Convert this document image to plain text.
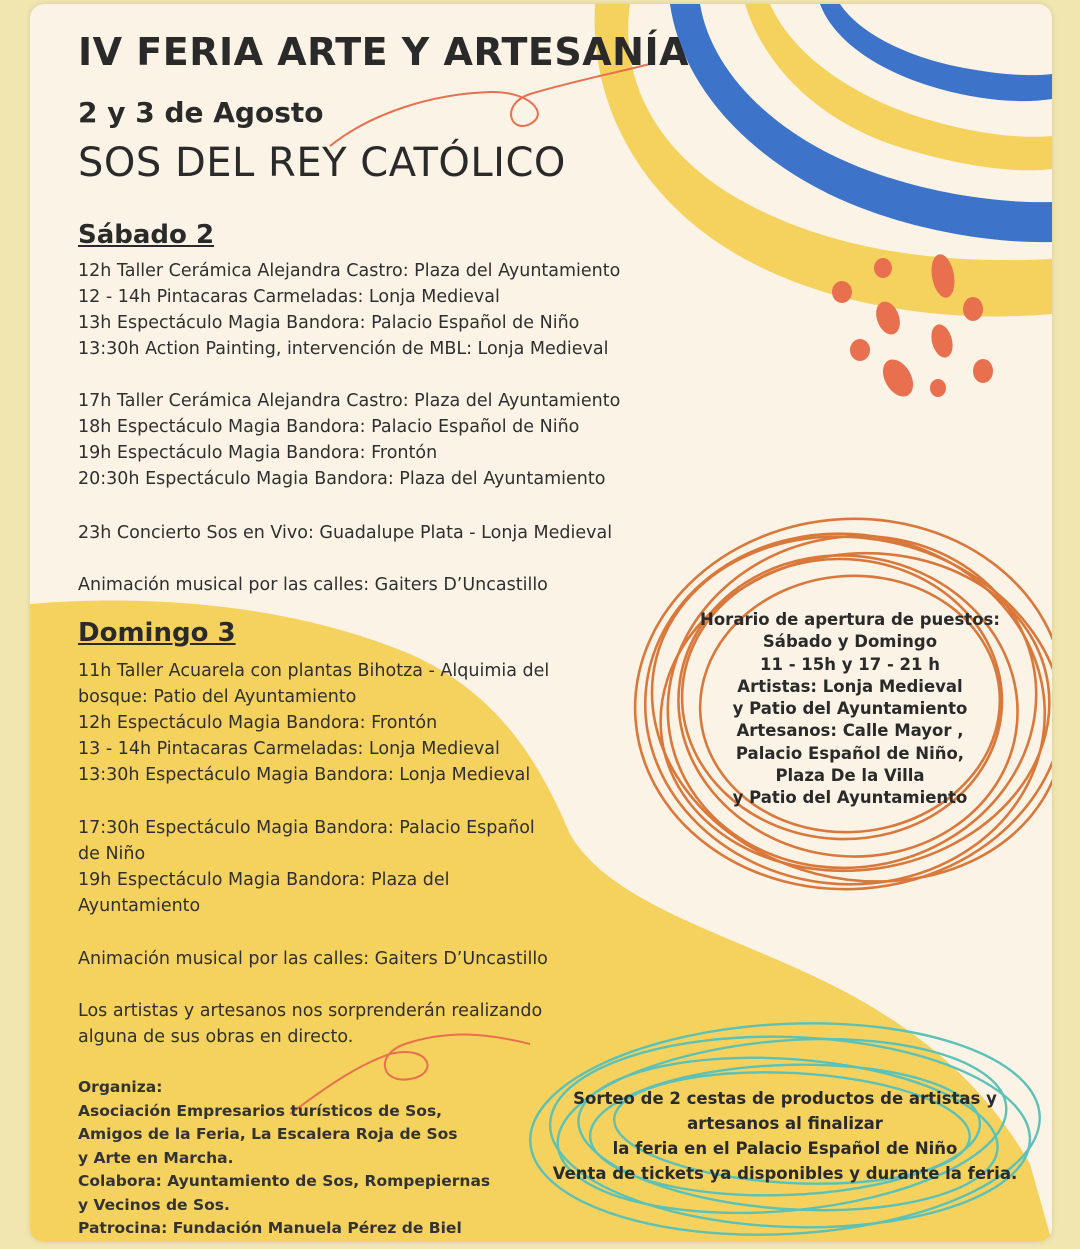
IV FERIA ARTE Y ARTESANÍA
2 y 3 de Agosto
SOS DEL REY CATÓLICO
Sábado 2
12h Taller Cerámica Alejandra Castro: Plaza del Ayuntamiento
12 - 14h Pintacaras Carmeladas: Lonja Medieval
13h Espectáculo Magia Bandora: Palacio Español de Niño
13:30h Action Painting, intervención de MBL: Lonja Medieval
17h Taller Cerámica Alejandra Castro: Plaza del Ayuntamiento
18h Espectáculo Magia Bandora: Palacio Español de Niño
19h Espectáculo Magia Bandora: Frontón
20:30h Espectáculo Magia Bandora: Plaza del Ayuntamiento
23h Concierto Sos en Vivo: Guadalupe Plata - Lonja Medieval
Animación musical por las calles: Gaiters D’Uncastillo
Domingo 3
11h Taller Acuarela con plantas Bihotza - Alquimia del
bosque: Patio del Ayuntamiento
12h Espectáculo Magia Bandora: Frontón
13 - 14h Pintacaras Carmeladas: Lonja Medieval
13:30h Espectáculo Magia Bandora: Lonja Medieval
17:30h Espectáculo Magia Bandora: Palacio Español
de Niño
19h Espectáculo Magia Bandora: Plaza del
Ayuntamiento
Animación musical por las calles: Gaiters D’Uncastillo
Los artistas y artesanos nos sorprenderán realizando
alguna de sus obras en directo.
Organiza:
Asociación Empresarios turísticos de Sos,
Amigos de la Feria, La Escalera Roja de Sos
y Arte en Marcha.
Colabora: Ayuntamiento de Sos, Rompepiernas
y Vecinos de Sos.
Patrocina: Fundación Manuela Pérez de Biel
Horario de apertura de puestos:
Sábado y Domingo
11 - 15h y 17 - 21 h
Artistas: Lonja Medieval
y Patio del Ayuntamiento
Artesanos: Calle Mayor ,
Palacio Español de Niño,
Plaza De la Villa
y Patio del Ayuntamiento
Sorteo de 2 cestas de productos de artistas y
artesanos al finalizar
la feria en el Palacio Español de Niño
Venta de tickets ya disponibles y durante la feria.
